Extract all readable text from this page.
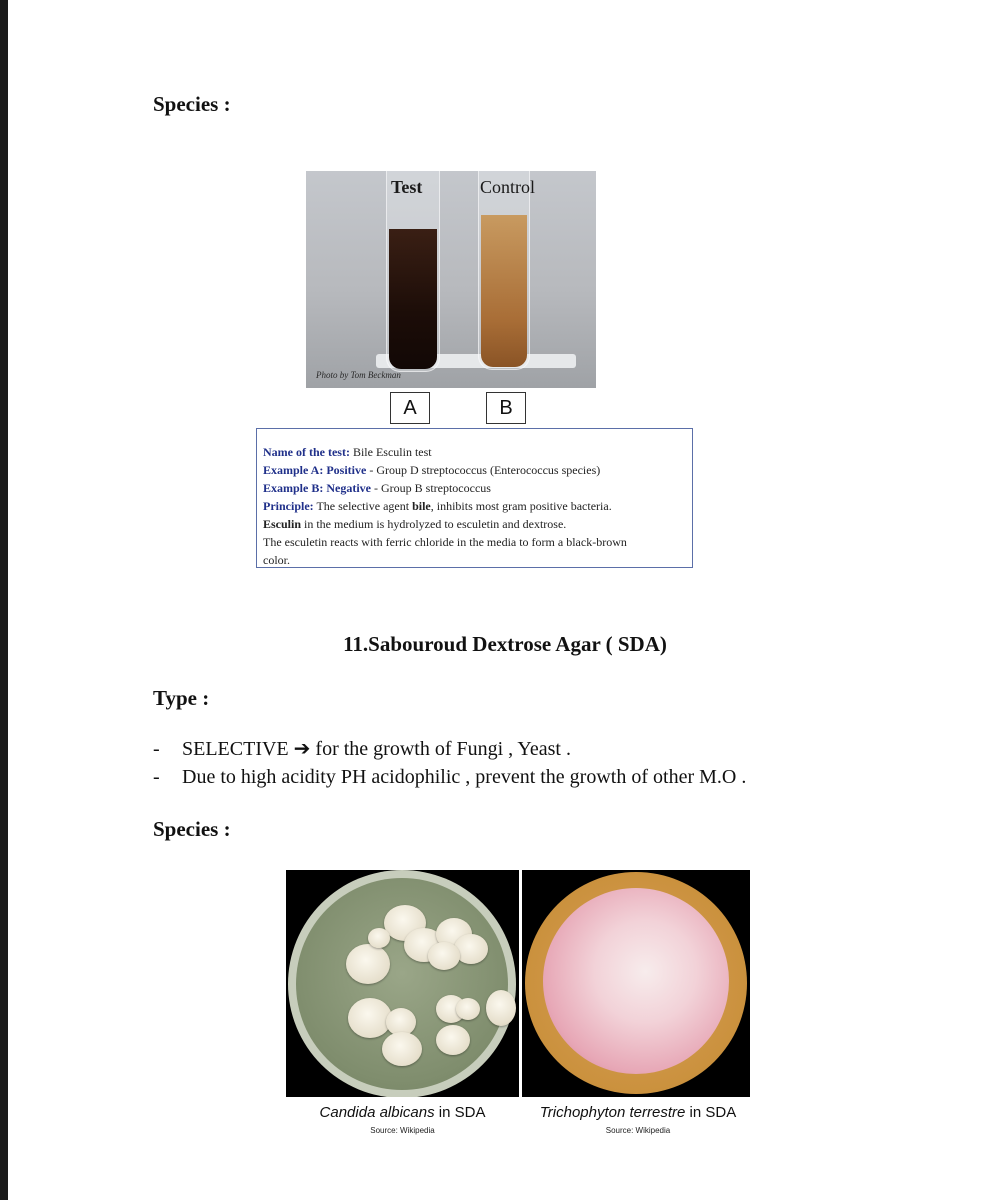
Species :
Test	Control
Photo by Tom Beckman
A	B
Name of the test: Bile Esculin test
Example A: Positive - Group D streptococcus (Enterococcus species)
Example B: Negative - Group B streptococcus
Principle: The selective agent bile, inhibits most gram positive bacteria.
Esculin in the medium is hydrolyzed to esculetin and dextrose.
The esculetin reacts with ferric chloride in the media to form a black-brown
color.
11.Sabouroud Dextrose Agar ( SDA)
Type :
- SELECTIVE ➔ for the growth of Fungi , Yeast .
- Due to high acidity PH acidophilic , prevent the growth of other M.O .
Species :
Candida albicans in SDA
Source: Wikipedia
Trichophyton terrestre in SDA
Source: Wikipedia
